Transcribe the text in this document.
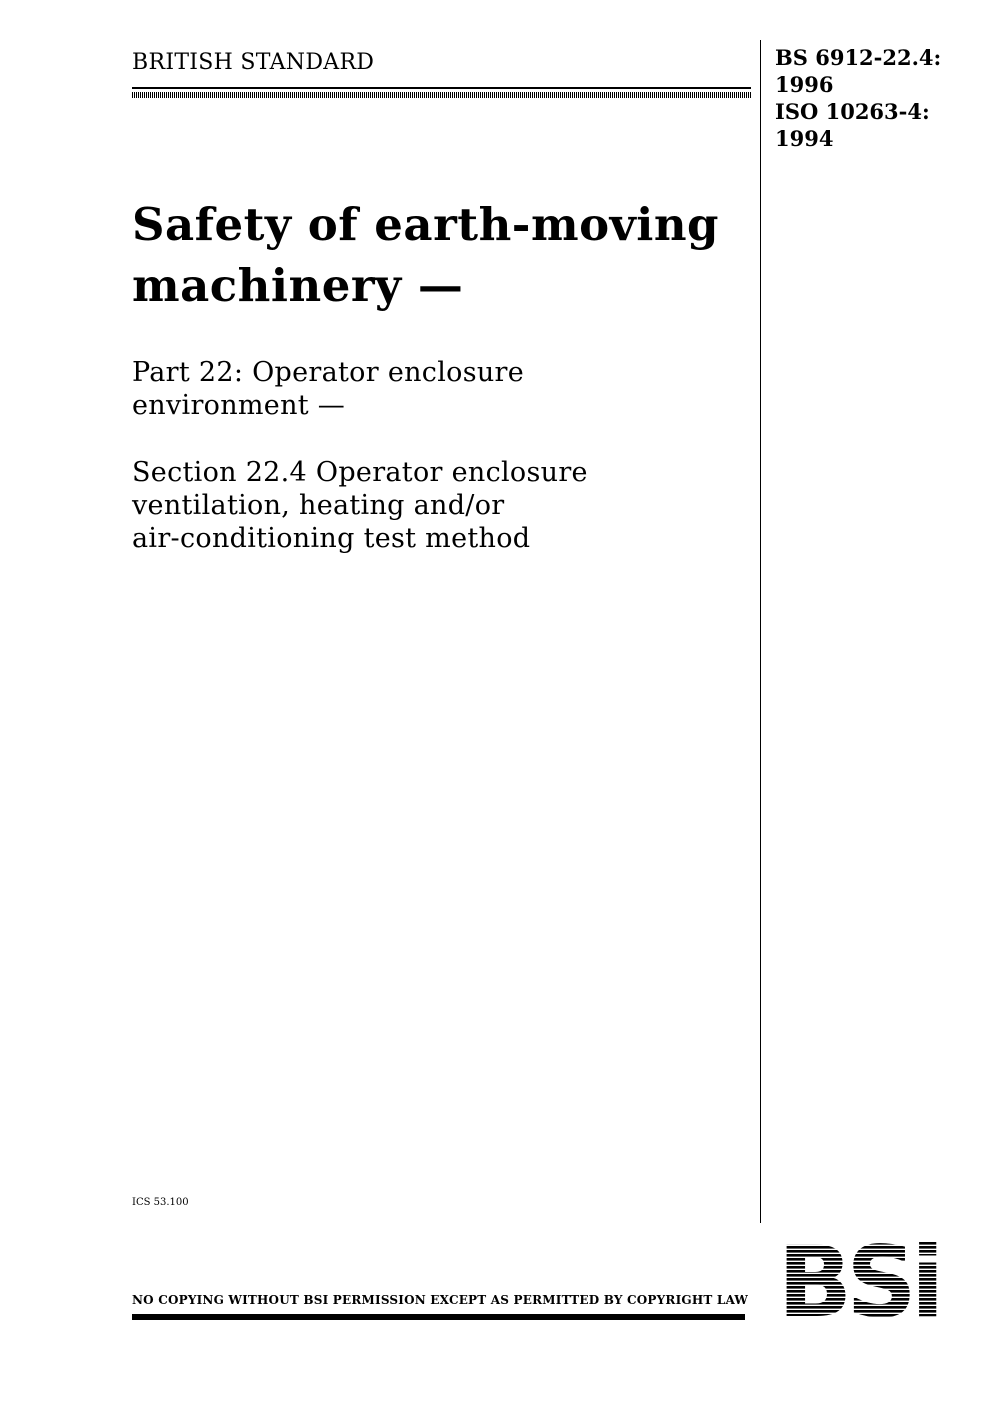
BRITISH STANDARD	BS 6912-22.4:
1996
ISO 10263-4:
1994
Safety of earth-moving
machinery —
Part 22: Operator enclosure
environment —
Section 22.4 Operator enclosure
ventilation, heating and/or
air-conditioning test method
ICS 53.100
NO COPYING WITHOUT BSI PERMISSION EXCEPT AS PERMITTED BY COPYRIGHT LAW
